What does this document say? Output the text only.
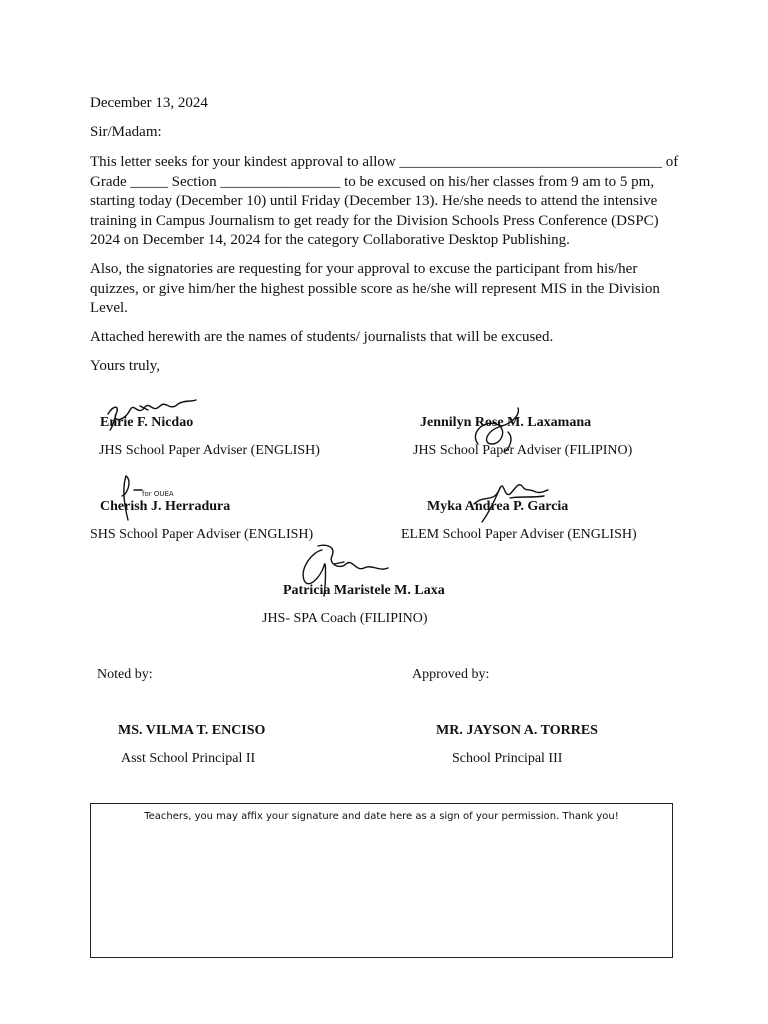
December 13, 2024
Sir/Madam:
This letter seeks for your kindest approval to allow ___________________________________ of Grade _____ Section ________________ to be excused on his/her classes from 9 am to 5 pm, starting today (December 10) until Friday (December 13). He/she needs to attend the intensive training in Campus Journalism to get ready for the Division Schools Press Conference (DSPC) 2024 on December 14, 2024 for the category Collaborative Desktop Publishing.
Also, the signatories are requesting for your approval to excuse the participant from his/her quizzes, or give him/her the highest possible score as he/she will represent MIS in the Division Level.
Attached herewith are the names of students/ journalists that will be excused.
Yours truly,
for OUEA
Enrie F. Nicdao
JHS School Paper Adviser (ENGLISH)
Jennilyn Rose M. Laxamana
JHS School Paper Adviser (FILIPINO)
Cherish J. Herradura
SHS School Paper Adviser (ENGLISH)
Myka Andrea P. Garcia
ELEM School Paper Adviser (ENGLISH)
Patricia Maristele M. Laxa
JHS- SPA Coach (FILIPINO)
Noted by:	Approved by:
MS. VILMA T. ENCISO	MR. JAYSON A. TORRES
Asst School Principal II	School Principal III
Teachers, you may affix your signature and date here as a sign of your permission. Thank you!
